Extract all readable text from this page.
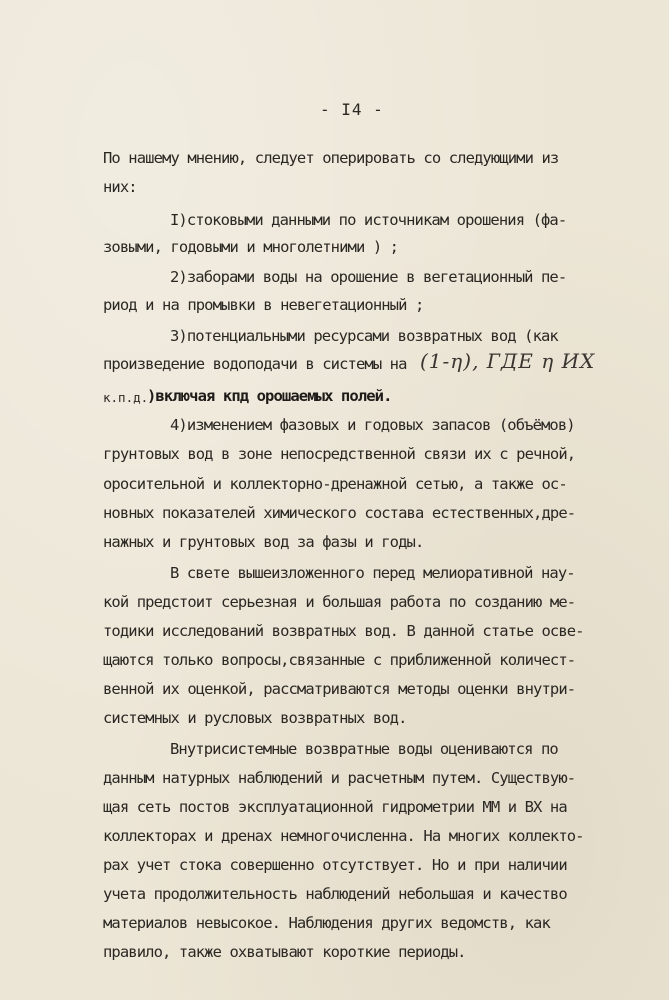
- I4 -
По нашему мнению, следует оперировать со следующими из
них:
I)стоковыми данными по источникам орошения (фа-
зовыми, годовыми и многолетними ) ;
2)заборами воды на орошение в вегетационный пе-
риод и на промывки в невегетационный ;
3)потенциальными ресурсами возвратных вод (как
произведение водоподачи в системы на (1-η), ГДЕ η ИХ
к.п.д.
)включая кпд орошаемых полей.
4)изменением фазовых и годовых запасов (объёмов)
грунтовых вод в зоне непосредственной связи их с речной,
оросительной и коллекторно-дренажной сетью, а также ос-
новных показателей химического состава естественных,дре-
нажных и грунтовых вод за фазы и годы.
В свете вышеизложенного перед мелиоративной нау-
кой предстоит серьезная и большая работа по созданию ме-
тодики исследований возвратных вод. В данной статье осве-
щаются только вопросы,связанные с приближенной количест-
венной их оценкой, рассматриваются методы оценки внутри-
системных и русловых возвратных вод.
Внутрисистемные возвратные воды оцениваются по
данным натурных наблюдений и расчетным путем. Существую-
щая сеть постов эксплуатационной гидрометрии ММ и ВХ на
коллекторах и дренах немногочисленна. На многих коллекто-
рах учет стока совершенно отсутствует. Но и при наличии
учета продолжительность наблюдений небольшая и качество
материалов невысокое. Наблюдения других ведомств, как
правило, также охватывают короткие периоды.
